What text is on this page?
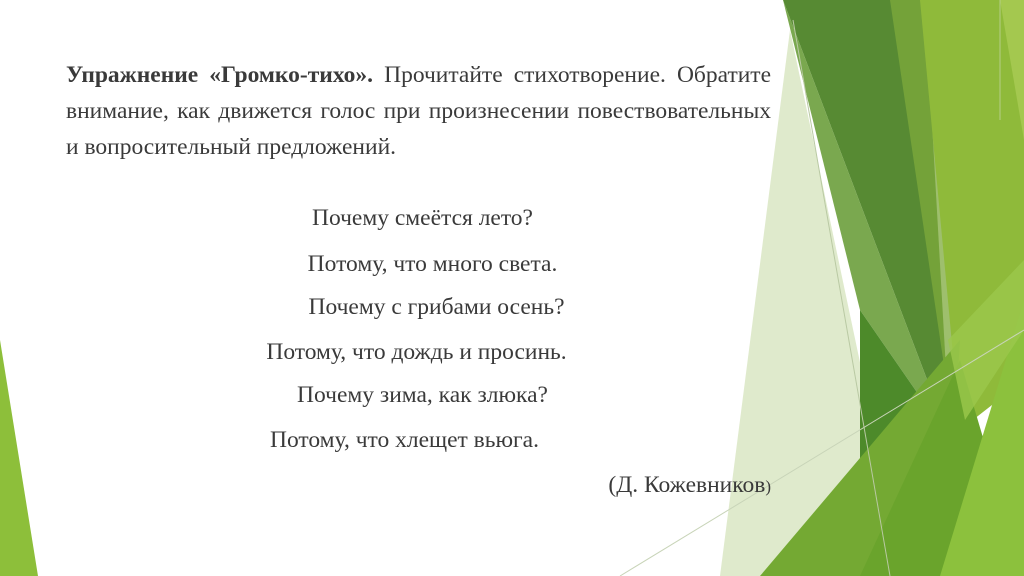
Упражнение «Громко-тихо». Прочитайте стихотворение. Обратите внимание, как движется голос при произнесении повествовательных и вопросительный предложений.

Почему смеётся лето?

Потому, что много света.

Почему с грибами осень?

Потому, что дождь и просинь.

Почему зима, как злюка?

Потому, что хлещет вьюга.

(Д. Кожевников)
